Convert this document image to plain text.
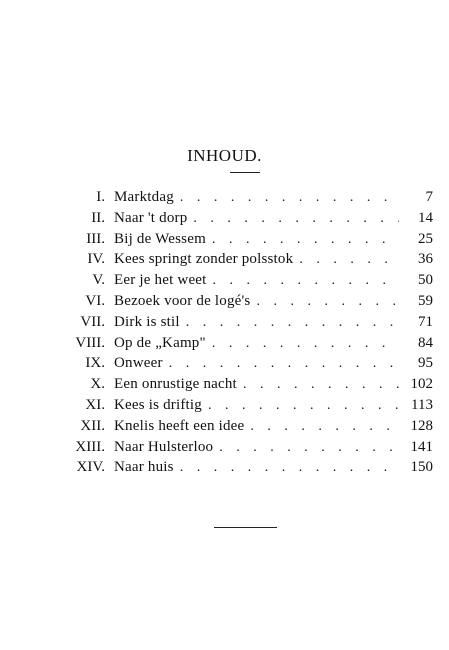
INHOUD.
I. Marktdag . . .	7
II. Naar 't dorp . . .	14
III. Bij de Wessem . . .	25
IV. Kees springt zonder polsstok . . .	36
V. Eer je het weet . . .	50
VI. Bezoek voor de logé's . . .	59
VII. Dirk is stil . . .	71
VIII. Op de „Kamp" . . .	84
IX. Onweer . . .	95
X. Een onrustige nacht . . .	102
XI. Kees is driftig . . .	113
XII. Knelis heeft een idee . . .	128
XIII. Naar Hulsterloo . . .	141
XIV. Naar huis . . .	150
